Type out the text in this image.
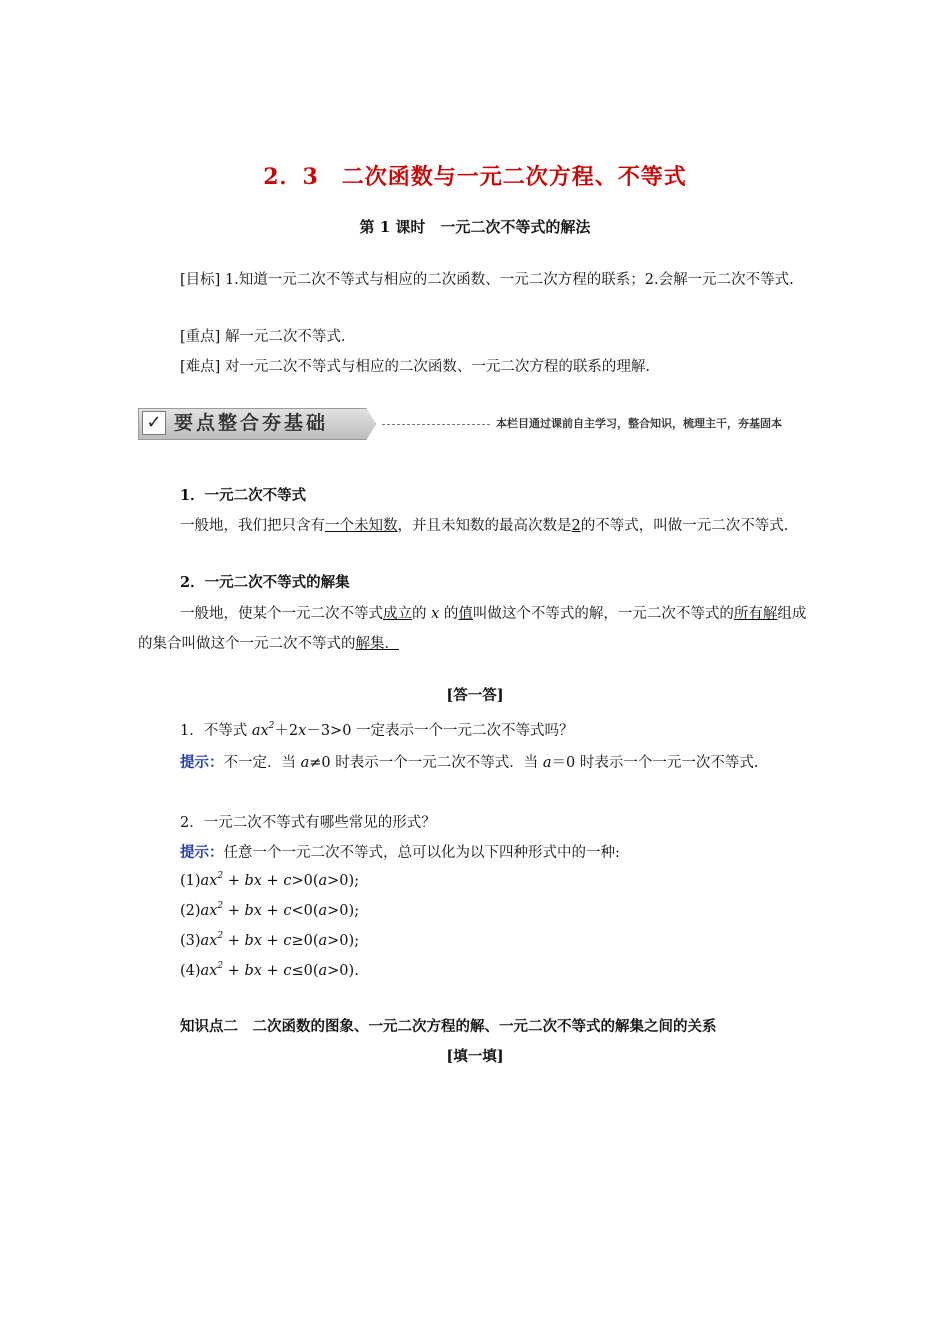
2．3　二次函数与一元二次方程、不等式
第 1 课时　一元二次不等式的解法
[目标] 1.知道一元二次不等式与相应的二次函数、一元二次方程的联系；2.会解一元二次不等式.
[重点] 解一元二次不等式.
[难点] 对一元二次不等式与相应的二次函数、一元二次方程的联系的理解.
✓ 要点整合夯基础	本栏目通过课前自主学习，整合知识，梳理主干，夯基固本
1．一元二次不等式
一般地，我们把只含有一个未知数，并且未知数的最高次数是2的不等式，叫做一元二次不等式.
2．一元二次不等式的解集
一般地，使某个一元二次不等式成立的 x 的值叫做这个不等式的解，一元二次不等式的所有解组成的集合叫做这个一元二次不等式的解集．
[答一答]
1．不等式 $ax^2+2x-3>0$ 一定表示一个一元二次不等式吗？
提示：不一定．当 a≠0 时表示一个一元二次不等式．当 a＝0 时表示一个一元一次不等式.
2．一元二次不等式有哪些常见的形式？
提示：任意一个一元二次不等式，总可以化为以下四种形式中的一种:
$(1)ax^2$ + bx + c>0(a>0);
$(2)ax^2$ + bx + c<0(a>0);
$(3)ax^2$ + bx + c≥0(a>0);
$(4)ax^2$ + bx + c≤0(a>0).
知识点二　二次函数的图象、一元二次方程的解、一元二次不等式的解集之间的关系
[填一填]
